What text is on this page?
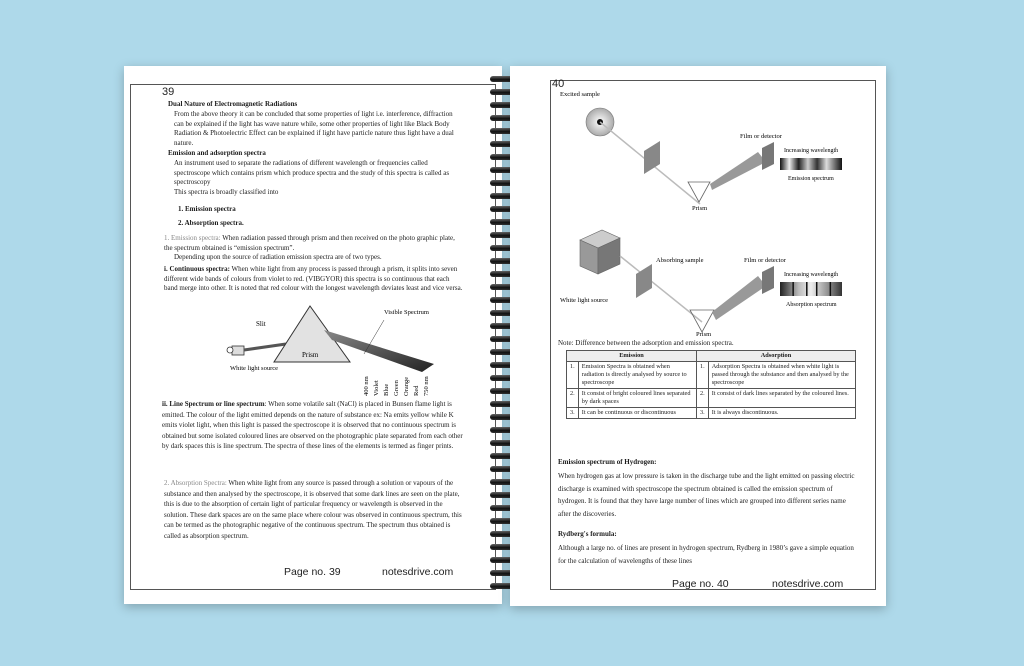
39
Dual Nature of Electromagnetic Radiations
From the above theory it can be concluded that some properties of light i.e. interference, diffraction can be explained if the light has wave nature while, some other properties of light like Black Body Radiation & Photoelectric Effect can be explained if light have particle nature thus light have a dual nature.
Emission and adsorption spectra
An instrument used to separate the radiations of different wavelength or frequencies called spectroscope which contains prism which produce spectra and the study of this spectra is called as spectroscopy
This spectra is broadly classified into
1. Emission spectra
2. Absorption spectra.
1. Emission spectra: When radiation passed through prism and then received on the photo graphic plate, the spectrum obtained is “emission spectrum”.
Depending upon the source of radiation emission spectra are of two types.
i. Continuous spectra: When white light from any process is passed through a prism, it splits into seven different wide bands of colours from violet to red. (VIBGYOR) this spectra is so continuous that each band merge into other. It is noted that red colour with the longest wavelength deviates least and vice versa.
Slit
Prism
White light source
Visible Spectrum
400 nm Violet Blue Green Orange Red 750 nm
ii. Line Spectrum or line spectrum: When some volatile salt (NaCl) is placed in Bunsen flame light is emitted. The colour of the light emitted depends on the nature of substance ex: Na emits yellow while K emits violet light, when this light is passed the spectroscope it is observed that no continuous spectrum is obtained but some isolated coloured lines are observed on the photographic plate separated from each other by dark spaces this is line spectrum. The spectra of these lines of the elements is termed as finger prints.
2. Absorption Spectra: When white light from any source is passed through a solution or vapours of the substance and then analysed by the spectroscope, it is observed that some dark lines are seen on the plate, this is due to the absorption of certain light of particular frequency or wavelength is observed in the solution. These dark spaces are on the same place where colour was observed in continuous spectrum, this can be termed as the photographic negative of the continuous spectrum. The spectrum thus obtained is called as absorption spectrum.
Page no. 39	notesdrive.com
40
Excited sample
Film or detector
Increasing wavelength
Emission spectrum
Prism
Absorbing sample
White light source
Film or detector
Increasing wavelength
Absorption spectrum
Prism
Note: Difference between the adsorption and emission spectra.
Emission		Adsorption	
1.	Emission Spectra is obtained when radiation is directly analysed by source to spectroscope	1.	Adsorption Spectra is obtained when white light is passed through the substance and then analysed by the spectroscope
2.	It consist of bright coloured lines separated by dark spaces	2.	It consist of dark lines separated by the coloured lines.
3.	It can be continuous or discontinuous	3.	It is always discontinuous.
Emission spectrum of Hydrogen:
When hydrogen gas at low pressure is taken in the discharge tube and the light emitted on passing electric discharge is examined with spectroscope the spectrum obtained is called the emission spectrum of hydrogen. It is found that they have large number of lines which are grouped into different series name after the discoveries.
Rydberg's formula:
Although a large no. of lines are present in hydrogen spectrum, Rydberg in 1980’s gave a simple equation for the calculation of wavelengths of these lines
Page no. 40	notesdrive.com
